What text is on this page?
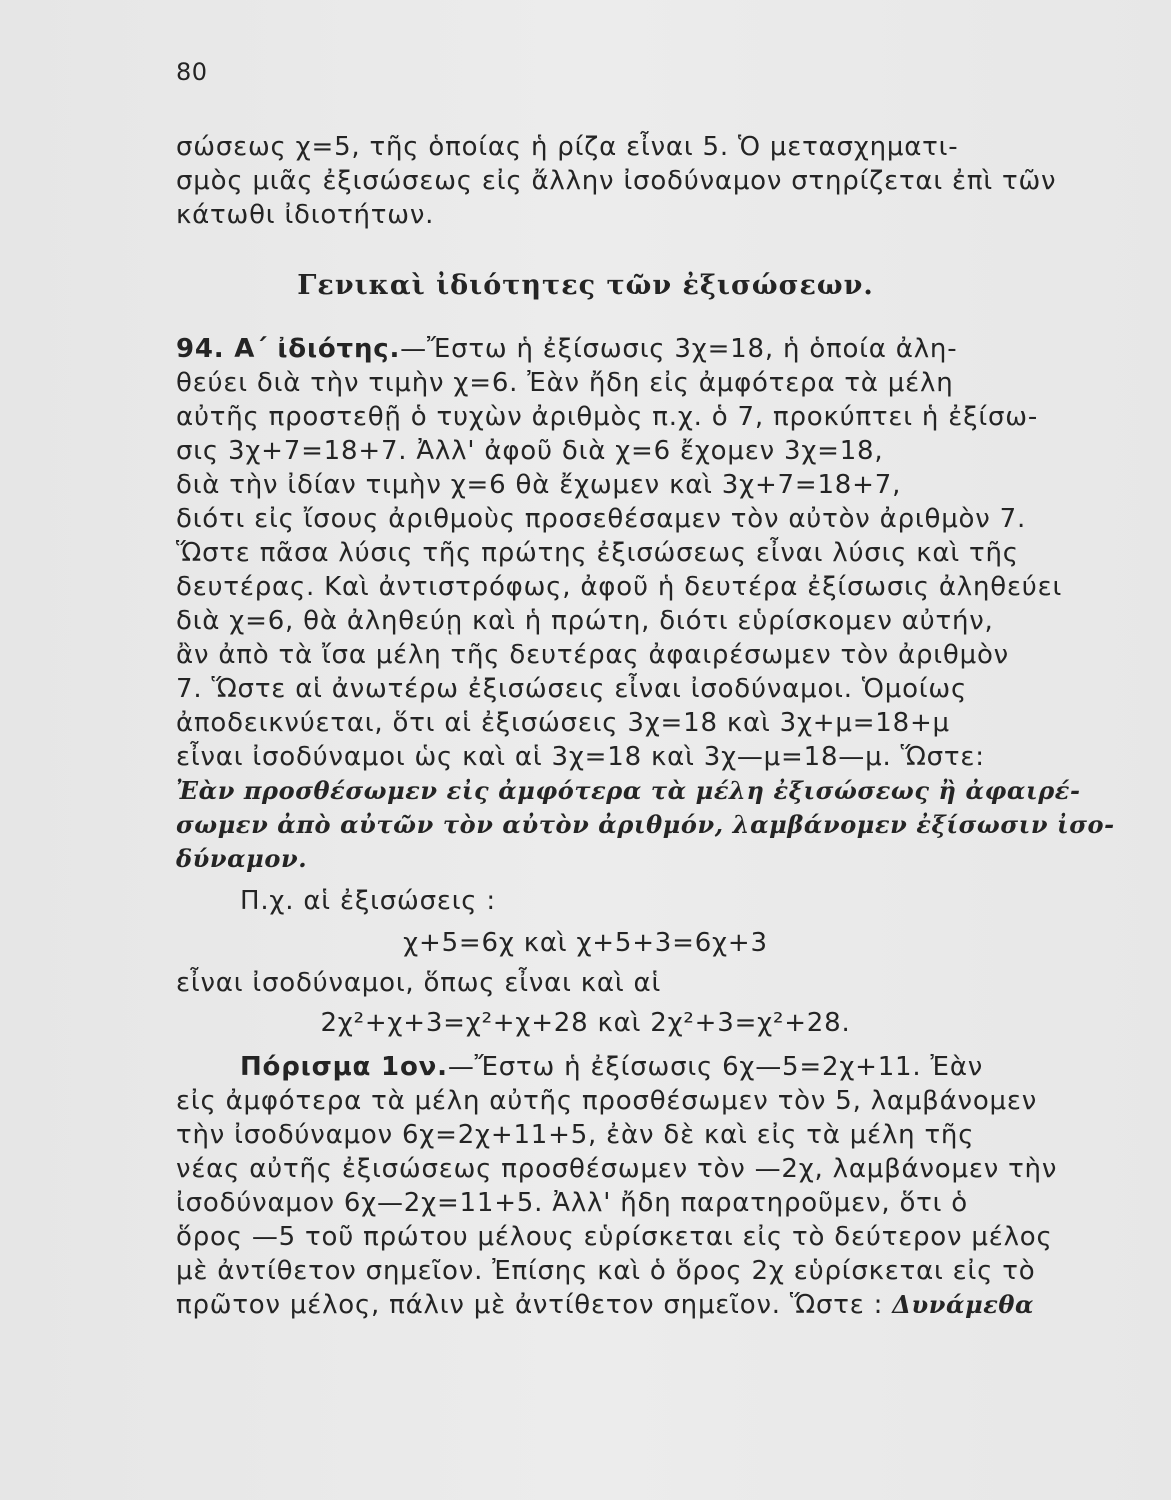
80
σώσεως χ=5, τῆς ὁποίας ἡ ρίζα εἶναι 5. Ὁ μετασχηματι-
σμὸς μιᾶς ἐξισώσεως εἰς ἄλλην ἰσοδύναμον στηρίζεται ἐπὶ τῶν
κάτωθι ἰδιοτήτων.
Γενικαὶ ἰδιότητες τῶν ἐξισώσεων.
94. Α΄ ἰδιότης.—Ἔστω ἡ ἐξίσωσις 3χ=18, ἡ ὁποία ἀλη-
θεύει διὰ τὴν τιμὴν χ=6. Ἐὰν ἤδη εἰς ἀμφότερα τὰ μέλη
αὐτῆς προστεθῇ ὁ τυχὼν ἀριθμὸς π.χ. ὁ 7, προκύπτει ἡ ἐξίσω-
σις 3χ+7=18+7. Ἀλλ' ἀφοῦ διὰ χ=6 ἔχομεν 3χ=18,
διὰ τὴν ἰδίαν τιμὴν χ=6 θὰ ἔχωμεν καὶ 3χ+7=18+7,
διότι εἰς ἴσους ἀριθμοὺς προσεθέσαμεν τὸν αὐτὸν ἀριθμὸν 7.
Ὥστε πᾶσα λύσις τῆς πρώτης ἐξισώσεως εἶναι λύσις καὶ τῆς
δευτέρας. Καὶ ἀντιστρόφως, ἀφοῦ ἡ δευτέρα ἐξίσωσις ἀληθεύει
διὰ χ=6, θὰ ἀληθεύῃ καὶ ἡ πρώτη, διότι εὑρίσκομεν αὐτήν,
ἂν ἀπὸ τὰ ἴσα μέλη τῆς δευτέρας ἀφαιρέσωμεν τὸν ἀριθμὸν
7. Ὥστε αἱ ἀνωτέρω ἐξισώσεις εἶναι ἰσοδύναμοι. Ὁμοίως
ἀποδεικνύεται, ὅτι αἱ ἐξισώσεις 3χ=18 καὶ 3χ+μ=18+μ
εἶναι ἰσοδύναμοι ὡς καὶ αἱ 3χ=18 καὶ 3χ—μ=18—μ. Ὥστε:
Ἐὰν προσθέσωμεν εἰς ἀμφότερα τὰ μέλη ἐξισώσεως ἢ ἀφαιρέ-
σωμεν ἀπὸ αὐτῶν τὸν αὐτὸν ἀριθμόν, λαμβάνομεν ἐξίσωσιν ἰσο-
δύναμον.
Π.χ. αἱ ἐξισώσεις :
χ+5=6χ καὶ χ+5+3=6χ+3
εἶναι ἰσοδύναμοι, ὅπως εἶναι καὶ αἱ
2χ²+χ+3=χ²+χ+28 καὶ 2χ²+3=χ²+28.
Πόρισμα 1ον.—Ἔστω ἡ ἐξίσωσις 6χ—5=2χ+11. Ἐὰν
εἰς ἀμφότερα τὰ μέλη αὐτῆς προσθέσωμεν τὸν 5, λαμβάνομεν
τὴν ἰσοδύναμον 6χ=2χ+11+5, ἐὰν δὲ καὶ εἰς τὰ μέλη τῆς
νέας αὐτῆς ἐξισώσεως προσθέσωμεν τὸν —2χ, λαμβάνομεν τὴν
ἰσοδύναμον 6χ—2χ=11+5. Ἀλλ' ἤδη παρατηροῦμεν, ὅτι ὁ
ὅρος —5 τοῦ πρώτου μέλους εὑρίσκεται εἰς τὸ δεύτερον μέλος
μὲ ἀντίθετον σημεῖον. Ἐπίσης καὶ ὁ ὅρος 2χ εὑρίσκεται εἰς τὸ
πρῶτον μέλος, πάλιν μὲ ἀντίθετον σημεῖον. Ὥστε : Δυνάμεθα
